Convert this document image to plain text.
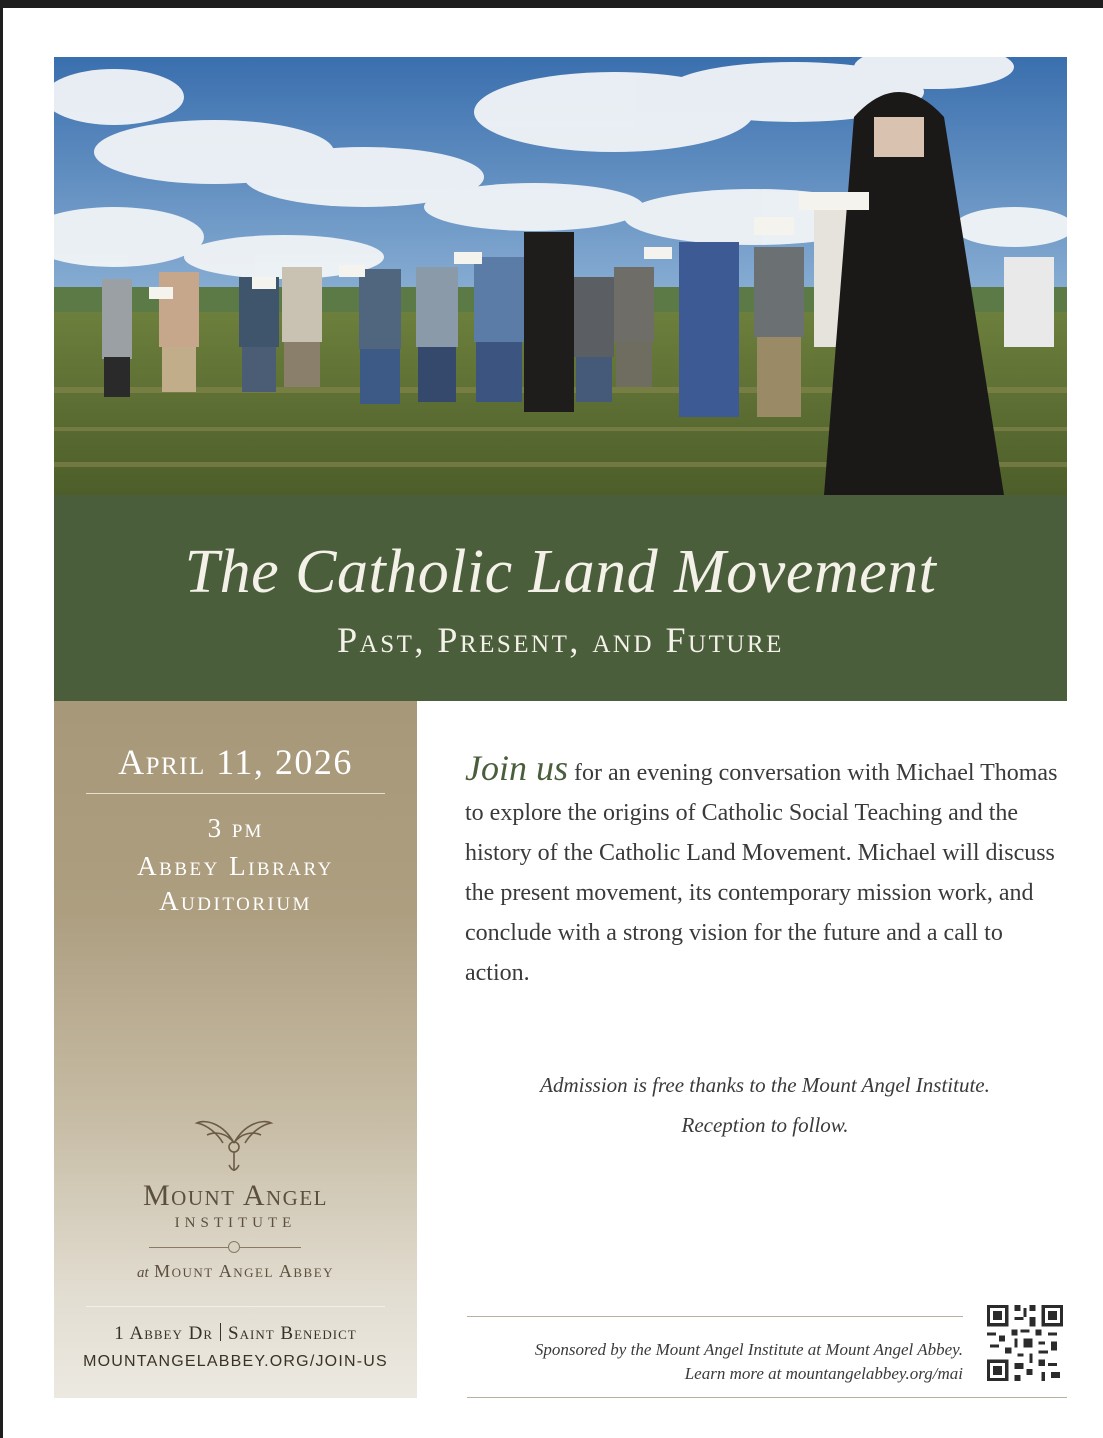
The Catholic Land Movement
Past, Present, and Future
April 11, 2026
3 pm
Abbey Library
Auditorium
Mount Angel
INSTITUTE
at Mount Angel Abbey
1 Abbey Dr Saint Benedict
MOUNTANGELABBEY.ORG/JOIN-US
Join us for an evening conversation with Michael Thomas to explore the origins of Catholic Social Teaching and the history of the Catholic Land Movement. Michael will discuss the present movement, its contemporary mission work, and conclude with a strong vision for the future and a call to action.
Admission is free thanks to the Mount Angel Institute.
Reception to follow.
Sponsored by the Mount Angel Institute at Mount Angel Abbey.
Learn more at mountangelabbey.org/mai
